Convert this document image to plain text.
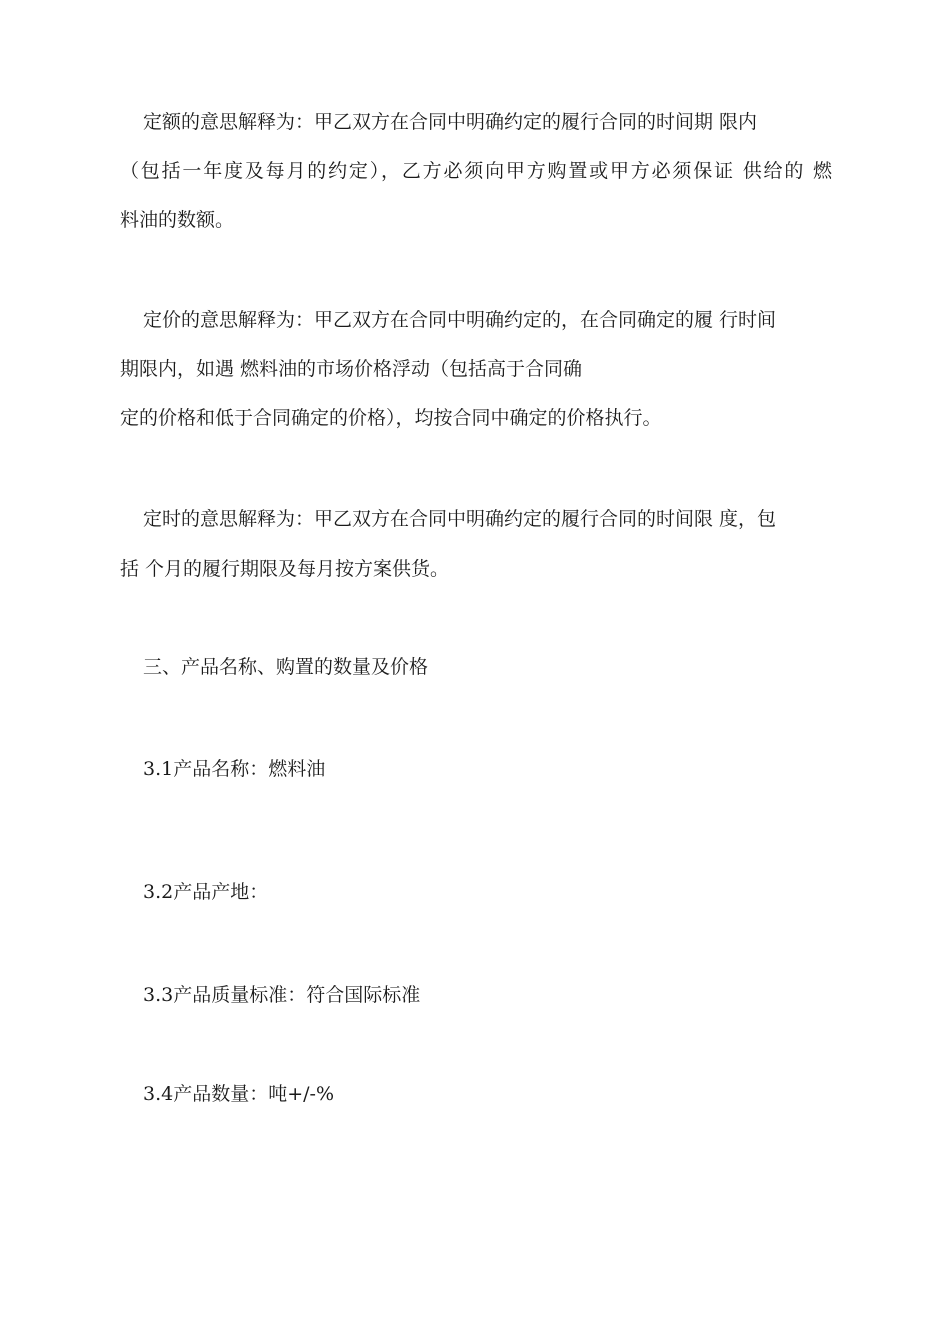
定额的意思解释为：甲乙双方在合同中明确约定的履行合同的时间期 限内
（包括一年度及每月的约定），乙方必须向甲方购置或甲方必须保证 供给的 燃
料油的数额。
定价的意思解释为：甲乙双方在合同中明确约定的，在合同确定的履 行时间
期限内，如遇 燃料油的市场价格浮动（包括高于合同确
定的价格和低于合同确定的价格），均按合同中确定的价格执行。
定时的意思解释为：甲乙双方在合同中明确约定的履行合同的时间限 度，包
括 个月的履行期限及每月按方案供货。
三、产品名称、购置的数量及价格
3.1产品名称：燃料油
3.2产品产地：
3.3产品质量标准：符合国际标准
3.4产品数量：吨+/-%
